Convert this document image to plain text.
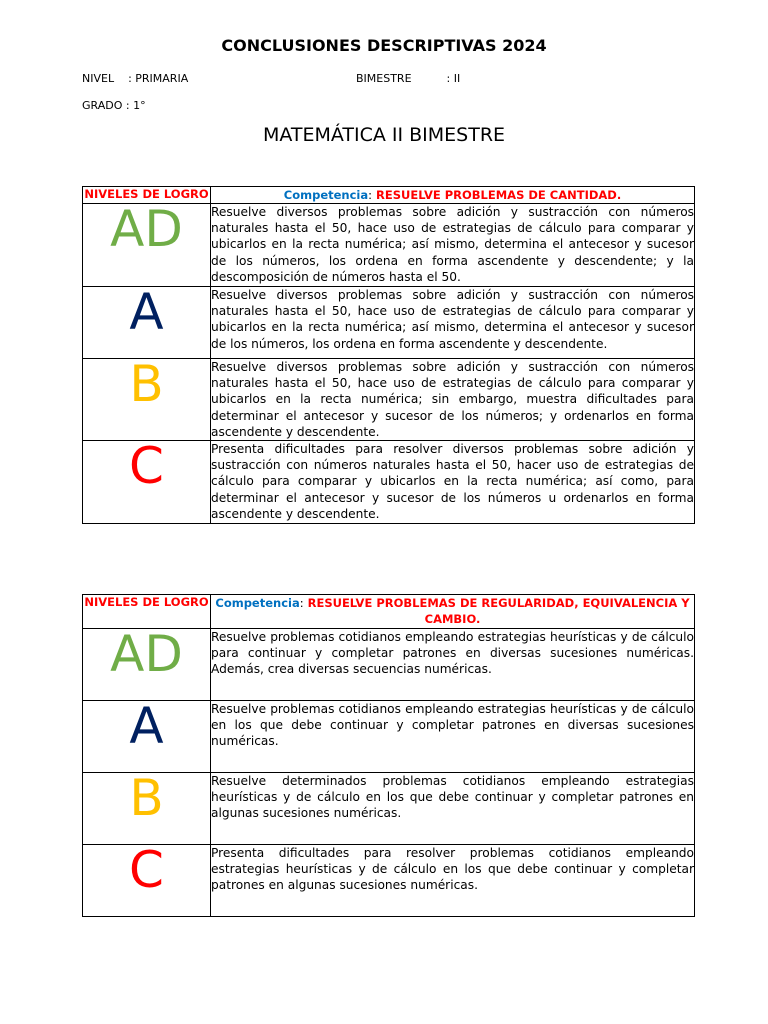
CONCLUSIONES DESCRIPTIVAS 2024
NIVEL    : PRIMARIA	BIMESTRE          : II
GRADO : 1°
MATEMÁTICA II BIMESTRE
NIVELES DE LOGRO	Competencia: RESUELVE PROBLEMAS DE CANTIDAD.
AD	Resuelve diversos problemas sobre adición y sustracción con números naturales hasta el 50, hace uso de estrategias de cálculo para comparar y ubicarlos en la recta numérica; así mismo, determina el antecesor y sucesor de los números, los ordena en forma ascendente y descendente; y la descomposición de números hasta el 50.
A	Resuelve diversos problemas sobre adición y sustracción con números naturales hasta el 50, hace uso de estrategias de cálculo para comparar y ubicarlos en la recta numérica; así mismo, determina el antecesor y sucesor de los números, los ordena en forma ascendente y descendente.
B	Resuelve diversos problemas sobre adición y sustracción con números naturales hasta el 50, hace uso de estrategias de cálculo para comparar y ubicarlos en la recta numérica; sin embargo, muestra dificultades para determinar el antecesor y sucesor de los números; y ordenarlos en forma ascendente y descendente.
C	Presenta dificultades para resolver diversos problemas sobre adición y sustracción con números naturales hasta el 50, hacer uso de estrategias de cálculo para comparar y ubicarlos en la recta numérica; así como, para determinar el antecesor y sucesor de los números u ordenarlos en forma ascendente y descendente.
NIVELES DE LOGRO	Competencia: RESUELVE PROBLEMAS DE REGULARIDAD, EQUIVALENCIA Y CAMBIO.
AD	Resuelve problemas cotidianos empleando estrategias heurísticas y de cálculo para continuar y completar patrones en diversas sucesiones numéricas. Además, crea diversas secuencias numéricas.
A	Resuelve problemas cotidianos empleando estrategias heurísticas y de cálculo en los que debe continuar y completar patrones en diversas sucesiones numéricas.
B	Resuelve determinados problemas cotidianos empleando estrategias heurísticas y de cálculo en los que debe continuar y completar patrones en algunas sucesiones numéricas.
C	Presenta dificultades para resolver problemas cotidianos empleando estrategias heurísticas y de cálculo en los que debe continuar y completar patrones en algunas sucesiones numéricas.
